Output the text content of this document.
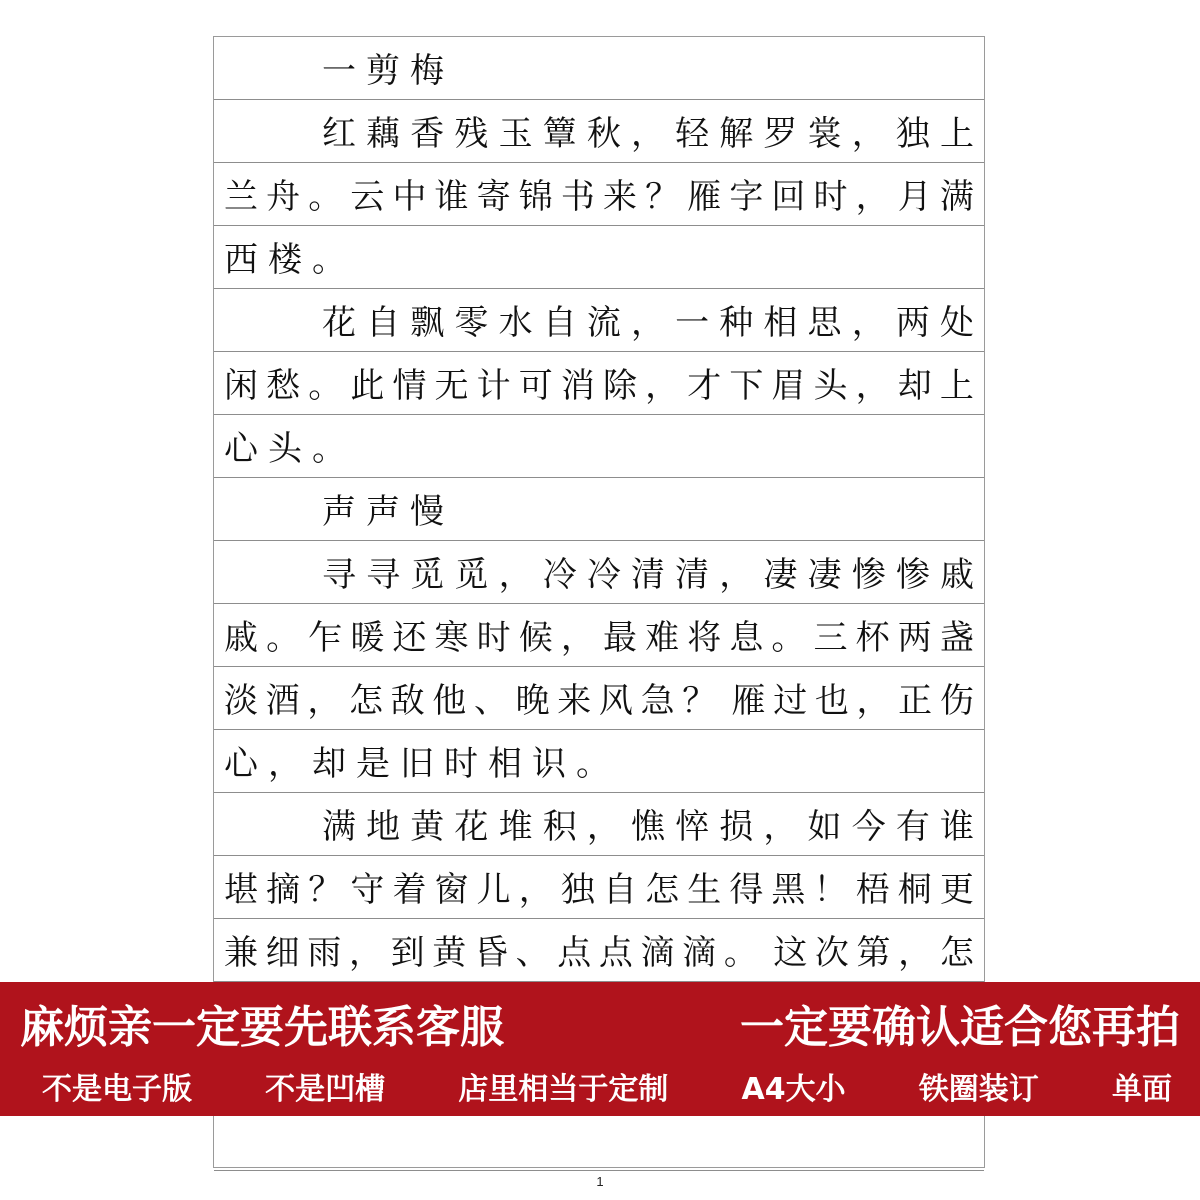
一剪梅
红 藕 香 残 玉 簟 秋 ， 轻 解 罗 裳 ， 独 上
兰 舟 。 云 中 谁 寄 锦 书 来 ？ 雁 字 回 时 ， 月 满
西楼。
花 自 飘 零 水 自 流 ， 一 种 相 思 ， 两 处
闲 愁 。 此 情 无 计 可 消 除 ， 才 下 眉 头 ， 却 上
心头。
声声慢
寻 寻 觅 觅 ， 冷 冷 清 清 ， 凄 凄 惨 惨 戚
戚 。 乍 暖 还 寒 时 候 ， 最 难 将 息 。 三 杯 两 盏
淡 酒 ， 怎 敌 他 、 晚 来 风 急 ？ 雁 过 也 ， 正 伤
心，却是旧时相识。
满 地 黄 花 堆 积 ， 憔 悴 损 ， 如 今 有 谁
堪 摘 ？ 守 着 窗 儿 ， 独 自 怎 生 得 黑 ！ 梧 桐 更
兼 细 雨 ， 到 黄 昏 、 点 点 滴 滴 。 这 次 第 ， 怎
1
麻烦亲一定要先联系客服	一定要确认适合您再拍
不是电子版 不是凹槽 店里相当于定制 A4大小 铁圈装订 单面
